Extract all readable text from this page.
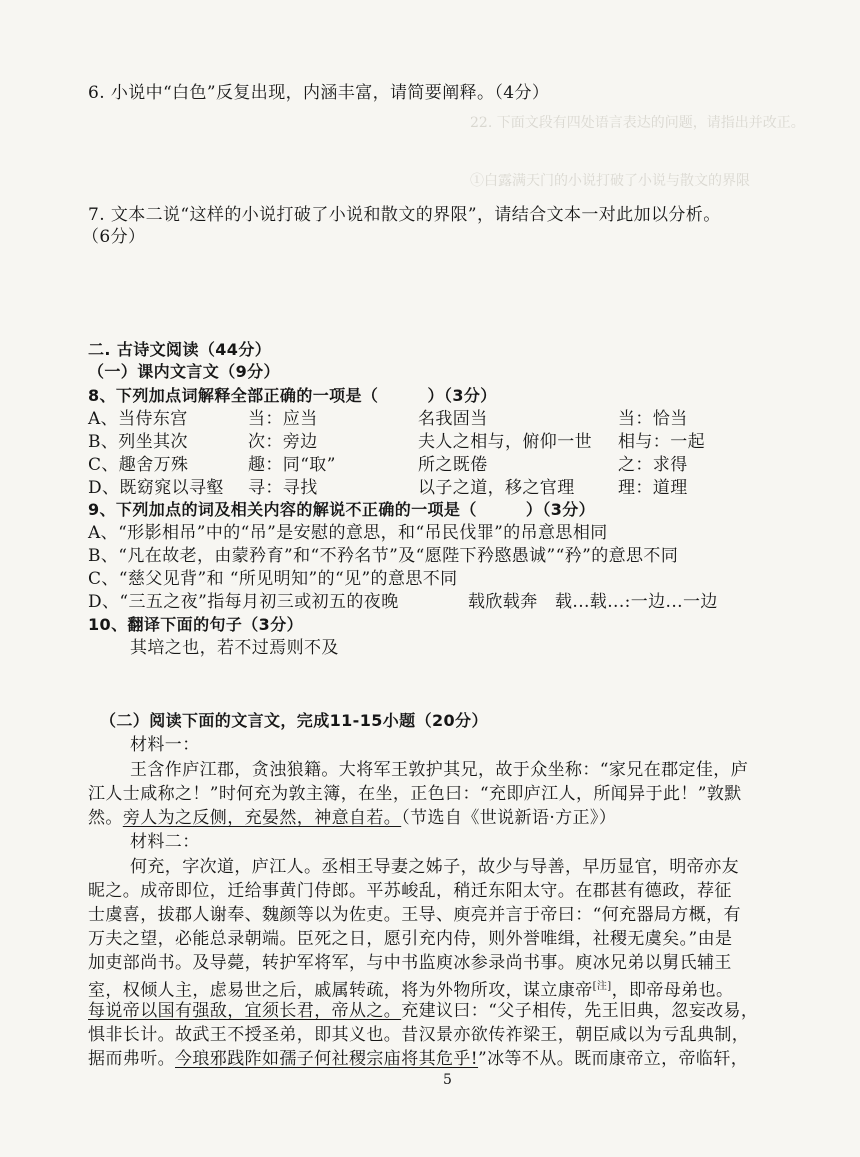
22. 下面文段有四处语言表达的问题，请指出并改正。
①白露满天门的小说打破了小说与散文的界限
6. 小说中“白色”反复出现，内涵丰富，请简要阐释。（4分）
7. 文本二说“这样的小说打破了小说和散文的界限”，请结合文本一对此加以分析。
（6分）
二. 古诗文阅读（44分）
（一）课内文言文（9分）
8、下列加点词解释全部正确的一项是（　　　）（3分）
A、当侍东宫	当：应当	名我固当	当：恰当
B、列坐其次	次：旁边	夫人之相与，俯仰一世 相与：一起
C、趣舍万殊	趣：同“取”	所之既倦	之：求得
D、既窈窕以寻壑 寻：寻找	以子之道，移之官理	理：道理
9、下列加点的词及相关内容的解说不正确的一项是（　　　）（3分）
A、“形影相吊”中的“吊”是安慰的意思，和“吊民伐罪”的吊意思相同
B、“凡在故老，由蒙矜育”和“不矜名节”及“愿陛下矜愍愚诚”“矜”的意思不同
C、“慈父见背”和 “所见明知”的“见”的意思不同
D、“三五之夜”指每月初三或初五的夜晚	载欣载奔　载...载...:一边...一边
10、翻译下面的句子（3分）
其培之也，若不过焉则不及
（二）阅读下面的文言文，完成11-15小题（20分）
材料一：
王含作庐江郡，贪浊狼籍。大将军王敦护其兄，故于众坐称：“家兄在郡定佳，庐
江人士咸称之！”时何充为敦主簿，在坐，正色曰：“充即庐江人，所闻异于此！”敦默
然。旁人为之反侧，充晏然，神意自若。（节选自《世说新语·方正》）
材料二：
何充，字次道，庐江人。丞相王导妻之姊子，故少与导善，早历显官，明帝亦友
昵之。成帝即位，迁给事黄门侍郎。平苏峻乱，稍迁东阳太守。在郡甚有德政，荐征
士虞喜，拔郡人谢奉、魏颜等以为佐吏。王导、庾亮并言于帝曰：“何充器局方概，有
万夫之望，必能总录朝端。臣死之日，愿引充内侍，则外誉唯缉，社稷无虞矣。”由是
加吏部尚书。及导薨，转护军将军，与中书监庾冰参录尚书事。庾冰兄弟以舅氏辅王
室，权倾人主，虑易世之后，戚属转疏，将为外物所攻，谋立康帝[注]，即帝母弟也。
每说帝以国有强敌，宜须长君，帝从之。充建议曰：“父子相传，先王旧典，忽妄改易，
惧非长计。故武王不授圣弟，即其义也。昔汉景亦欲传祚梁王，朝臣咸以为亏乱典制，
据而弗听。今琅邪践阼如孺子何社稷宗庙将其危乎!”冰等不从。既而康帝立，帝临轩，
5
